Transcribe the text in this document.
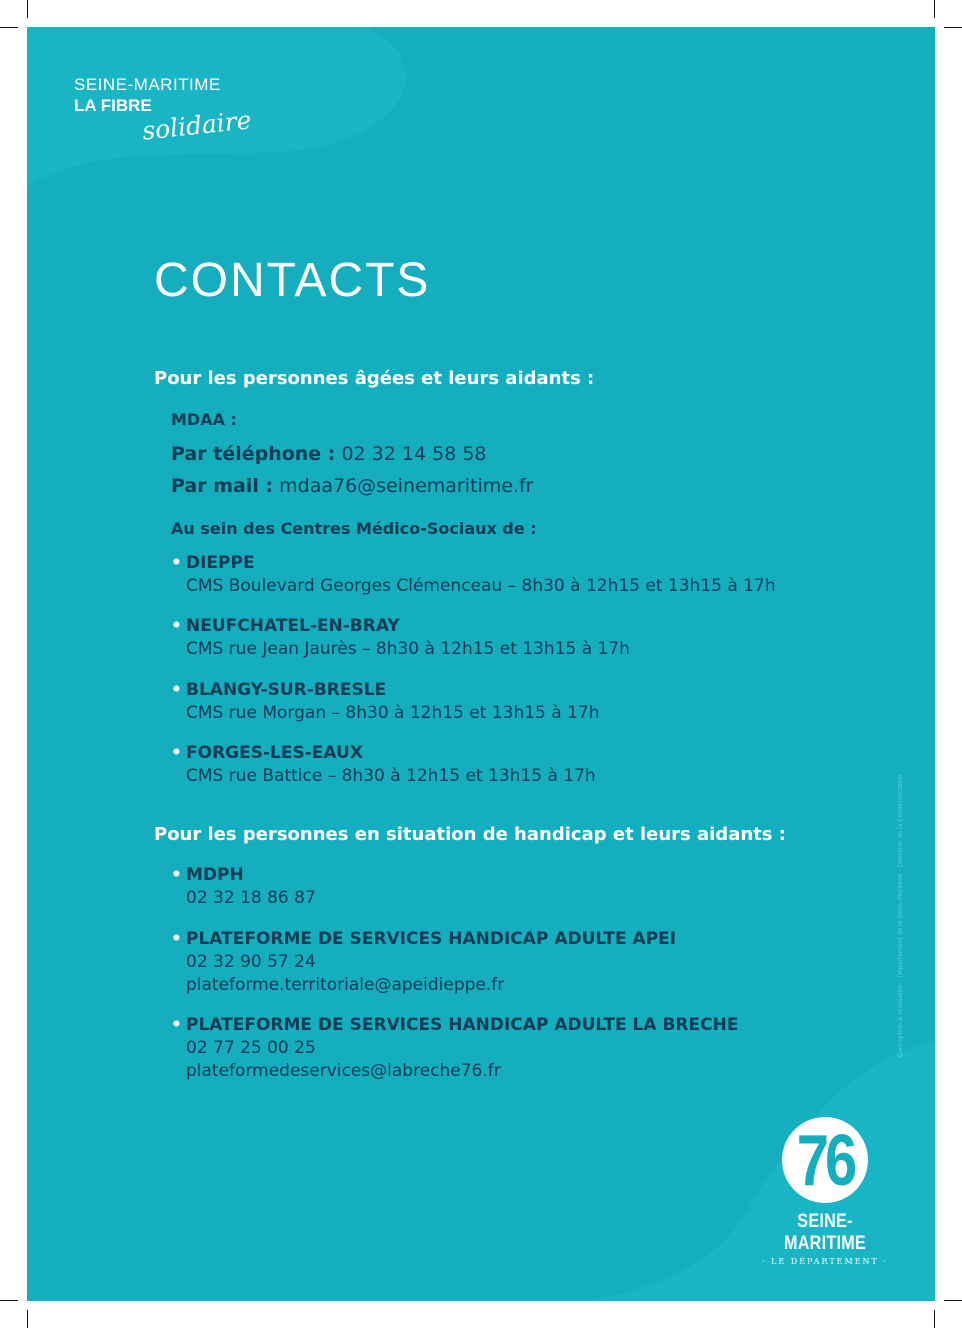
SEINE-MARITIME
LA FIBRE
solidaire
CONTACTS
Pour les personnes âgées et leurs aidants :
MDAA :
Par téléphone : 02 32 14 58 58
Par mail : mdaa76@seinemaritime.fr
Au sein des Centres Médico-Sociaux de :
• DIEPPE
CMS Boulevard Georges Clémenceau – 8h30 à 12h15 et 13h15 à 17h
• NEUFCHATEL-EN-BRAY
CMS rue Jean Jaurès – 8h30 à 12h15 et 13h15 à 17h
• BLANGY-SUR-BRESLE
CMS rue Morgan – 8h30 à 12h15 et 13h15 à 17h
• FORGES-LES-EAUX
CMS rue Battice – 8h30 à 12h15 et 13h15 à 17h
Pour les personnes en situation de handicap et leurs aidants :
• MDPH
02 32 18 86 87
• PLATEFORME DE SERVICES HANDICAP ADULTE APEI
02 32 90 57 24
plateforme.territoriale@apeidieppe.fr
• PLATEFORME DE SERVICES HANDICAP ADULTE LA BRECHE
02 77 25 00 25
plateformedeservices@labreche76.fr
Conception & réalisation : Département de la Seine-Maritime - Direction de la Communication
76
SEINE-MARITIME
· LE DÉPARTEMENT ·
